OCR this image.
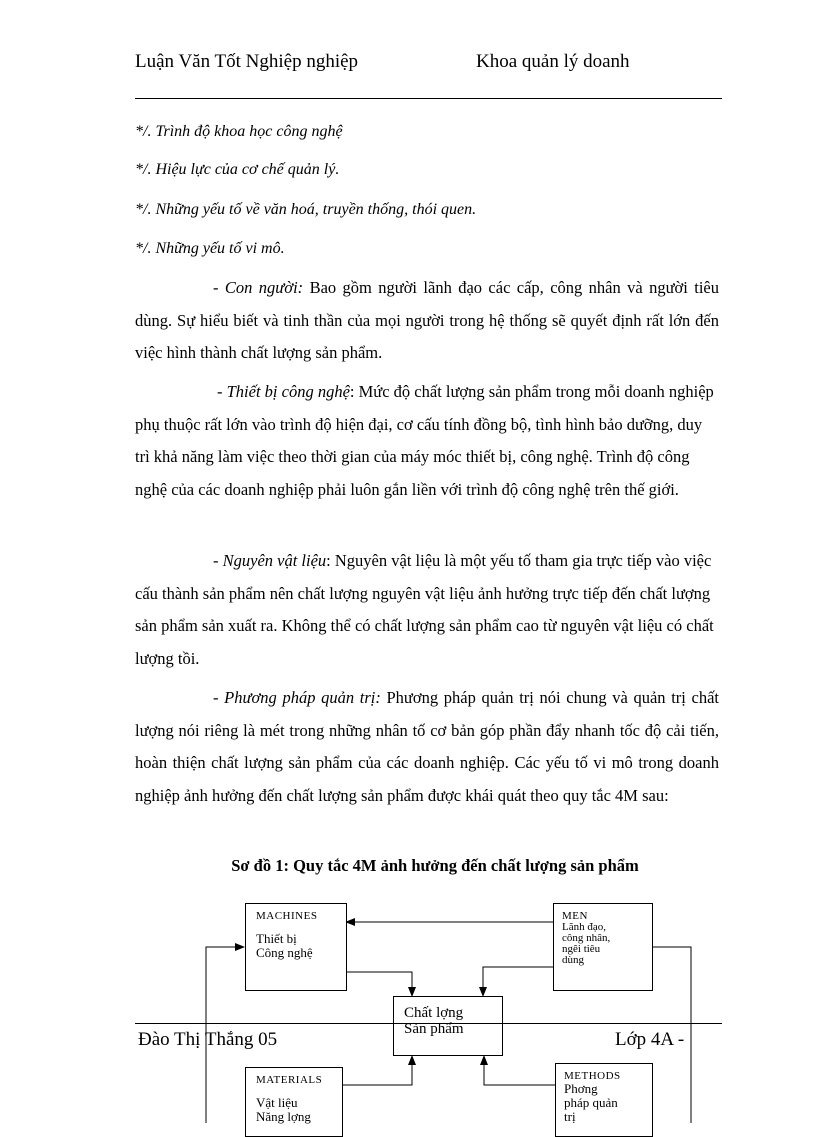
Luận Văn Tốt Nghiệp nghiệp	Khoa quản lý doanh
*/. Trình độ khoa học công nghệ
*/. Hiệu lực của cơ chế quản lý.
*/. Những yếu tố về văn hoá, truyền thống, thói quen.
*/. Những yếu tố vi mô.

- Con người: Bao gồm người lãnh đạo các cấp, công nhân và người tiêu dùng. Sự hiểu biết và tinh thần của mọi người trong hệ thống sẽ quyết định rất lớn đến việc hình thành chất lượng sản phẩm.

- Thiết bị công nghệ: Mức độ chất lượng sản phẩm trong mỗi doanh nghiệp phụ thuộc rất lớn vào trình độ hiện đại, cơ cấu tính đồng bộ, tình hình bảo dưỡng, duy trì khả năng làm việc theo thời gian của máy móc thiết bị, công nghệ. Trình độ công nghệ của các doanh nghiệp phải luôn gắn liền với trình độ công nghệ trên thế giới.

- Nguyên vật liệu: Nguyên vật liệu là một yếu tố tham gia trực tiếp vào việc cấu thành sản phẩm nên chất lượng nguyên vật liệu ảnh hưởng trực tiếp đến chất lượng sản phẩm sản xuất ra. Không thể có chất lượng sản phẩm cao từ nguyên vật liệu có chất lượng tồi.

- Phương pháp quản trị: Phương pháp quản trị nói chung và quản trị chất lượng nói riêng là mét trong những nhân tố cơ bản góp phần đẩy nhanh tốc độ cải tiến, hoàn thiện chất lượng sản phẩm của các doanh nghiệp. Các yếu tố vi mô trong doanh nghiệp ảnh hưởng đến chất lượng sản phẩm được khái quát theo quy tắc 4M sau:

Sơ đồ 1: Quy tắc 4M ảnh hưởng đến chất lượng sản phẩm
MACHINES
Thiết bị
Công nghệ
MEN
Lãnh đạo,
công nhân,
ngêi tiêu
dùng
Chất lợng
Sản phẩm
MATERIALS
Vật liệu
Năng lợng
METHODS
Phơng
pháp quản
trị
Đào Thị Thắng 05	Lớp 4A -
